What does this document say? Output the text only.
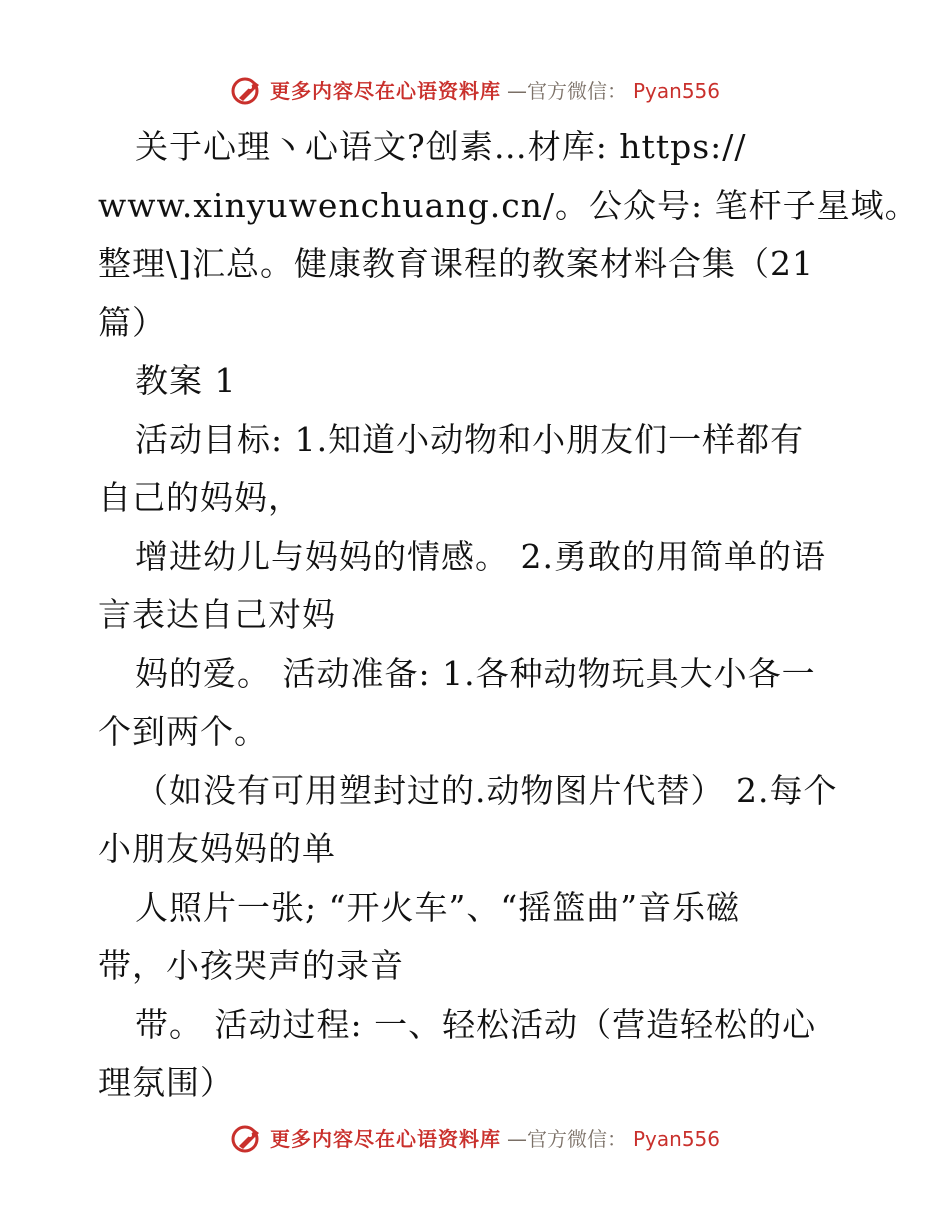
更多内容尽在心语资料库 —官方微信： Pyan556
关于心理丶心语文?创素…材库: https://
www.xinyuwenchuang.cn/。公众号: 笔杆子星域。
整理\]汇总。健康教育课程的教案材料合集（21
篇）
教案 1
活动目标: 1.知道小动物和小朋友们一样都有
自己的妈妈，
增进幼儿与妈妈的情感。 2.勇敢的用简单的语
言表达自己对妈
妈的爱。 活动准备: 1.各种动物玩具大小各一
个到两个。
（如没有可用塑封过的.动物图片代替） 2.每个
小朋友妈妈的单
人照片一张; “开火车”、“摇篮曲”音乐磁
带，小孩哭声的录音
带。 活动过程: 一、轻松活动（营造轻松的心
理氛围）
更多内容尽在心语资料库 —官方微信： Pyan556
